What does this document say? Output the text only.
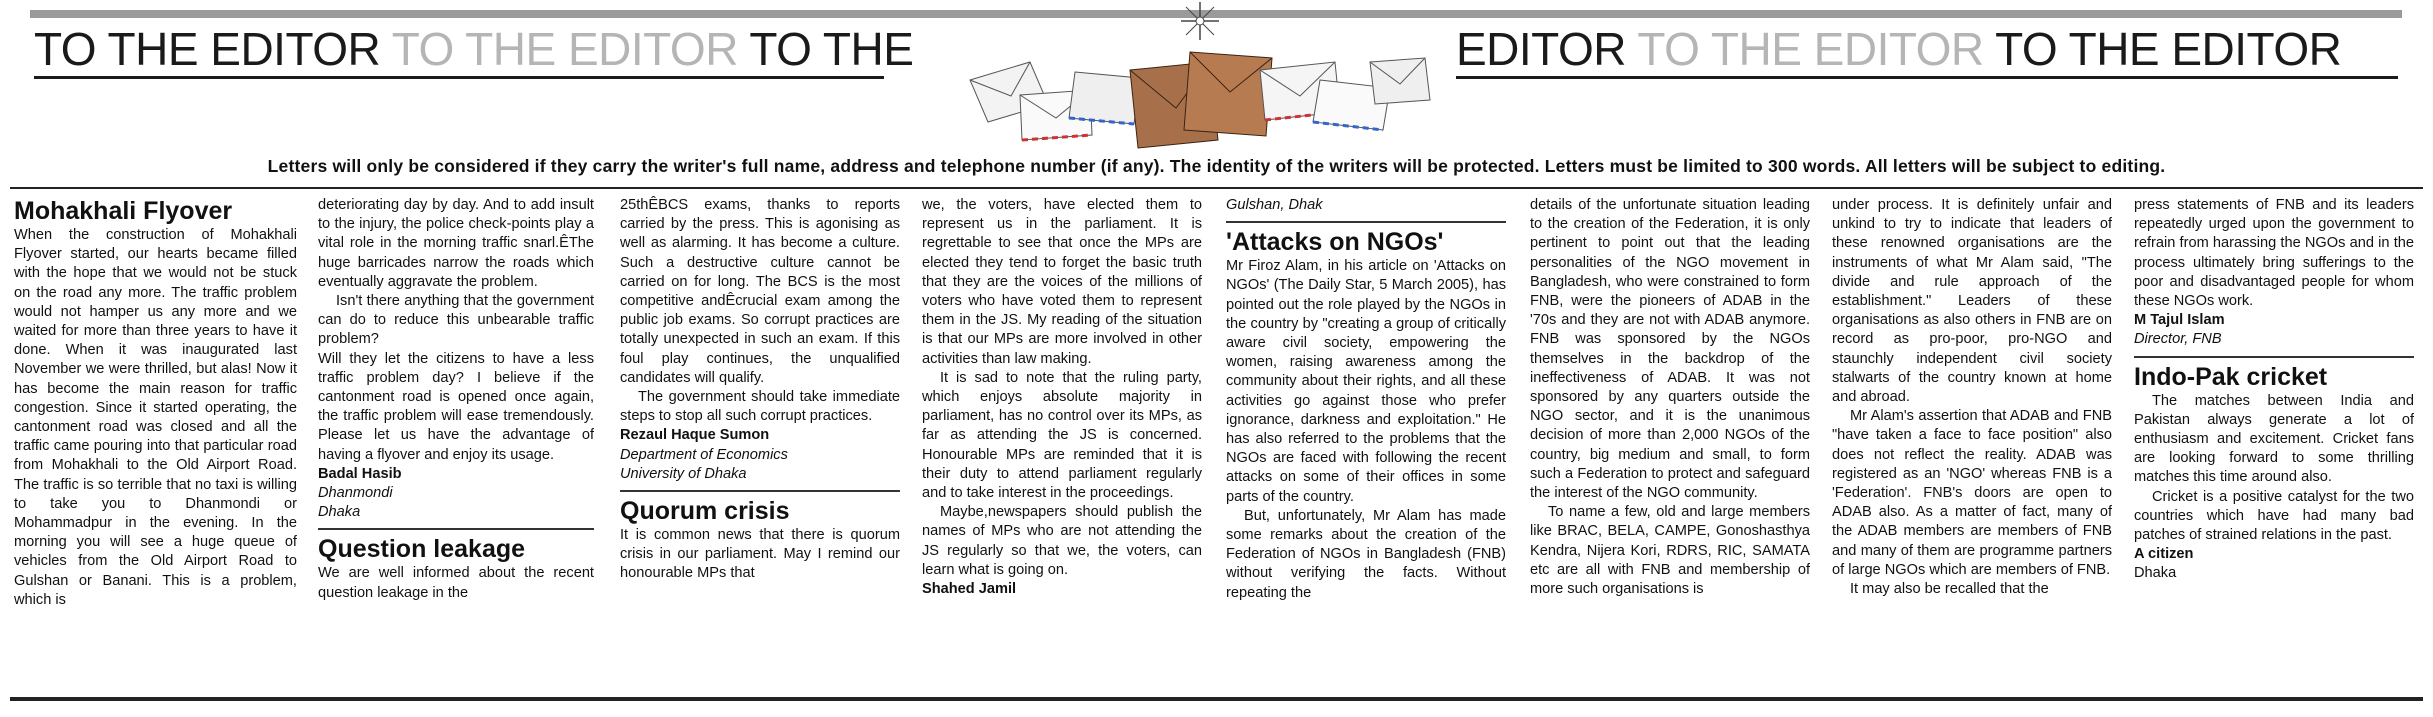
TO THE EDITOR TO THE EDITOR TO THE	EDITOR TO THE EDITOR TO THE EDITOR
Letters will only be considered if they carry the writer's full name, address and telephone number (if any). The identity of the writers will be protected. Letters must be limited to 300 words. All letters will be subject to editing.
Mohakhali Flyover

When the construction of Mohakhali Flyover started, our hearts became filled with the hope that we would not be stuck on the road any more. The traffic problem would not hamper us any more and we waited for more than three years to have it done. When it was inaugurated last November we were thrilled, but alas! Now it has become the main reason for traffic congestion. Since it started operating, the cantonment road was closed and all the traffic came pouring into that particular road from Mohakhali to the Old Airport Road. The traffic is so terrible that no taxi is willing to take you to Dhanmondi or Mohammadpur in the evening. In the morning you will see a huge queue of vehicles from the Old Airport Road to Gulshan or Banani. This is a problem, which is

deteriorating day by day. And to add insult to the injury, the police check-points play a vital role in the morning traffic snarl.ÊThe huge barricades narrow the roads which eventually aggravate the problem.

Isn't there anything that the government can do to reduce this unbearable traffic problem?

Will they let the citizens to have a less traffic problem day? I believe if the cantonment road is opened once again, the traffic problem will ease tremendously. Please let us have the advantage of having a flyover and enjoy its usage.

Badal Hasib

Dhanmondi

Dhaka

Question leakage

We are well informed about the recent question leakage in the

25thÊBCS exams, thanks to reports carried by the press. This is agonising as well as alarming. It has become a culture. Such a destructive culture cannot be carried on for long. The BCS is the most competitive andÊcrucial exam among the public job exams. So corrupt practices are totally unexpected in such an exam. If this foul play continues, the unqualified candidates will qualify.

The government should take immediate steps to stop all such corrupt practices.

Rezaul Haque Sumon

Department of Economics

University of Dhaka

Quorum crisis

It is common news that there is quorum crisis in our parliament. May I remind our honourable MPs that

we, the voters, have elected them to represent us in the parliament. It is regrettable to see that once the MPs are elected they tend to forget the basic truth that they are the voices of the millions of voters who have voted them to represent them in the JS. My reading of the situation is that our MPs are more involved in other activities than law making.

It is sad to note that the ruling party, which enjoys absolute majority in parliament, has no control over its MPs, as far as attending the JS is concerned. Honourable MPs are reminded that it is their duty to attend parliament regularly and to take interest in the proceedings.

Maybe,newspapers should publish the names of MPs who are not attending the JS regularly so that we, the voters, can learn what is going on.

Shahed Jamil

Gulshan, Dhak

'Attacks on NGOs'

Mr Firoz Alam, in his article on 'Attacks on NGOs' (The Daily Star, 5 March 2005), has pointed out the role played by the NGOs in the country by "creating a group of critically aware civil society, empowering the women, raising awareness among the community about their rights, and all these activities go against those who prefer ignorance, darkness and exploitation." He has also referred to the problems that the NGOs are faced with following the recent attacks on some of their offices in some parts of the country.

But, unfortunately, Mr Alam has made some remarks about the creation of the Federation of NGOs in Bangladesh (FNB) without verifying the facts. Without repeating the

details of the unfortunate situation leading to the creation of the Federation, it is only pertinent to point out that the leading personalities of the NGO movement in Bangladesh, who were constrained to form FNB, were the pioneers of ADAB in the '70s and they are not with ADAB anymore. FNB was sponsored by the NGOs themselves in the backdrop of the ineffectiveness of ADAB. It was not sponsored by any quarters outside the NGO sector, and it is the unanimous decision of more than 2,000 NGOs of the country, big medium and small, to form such a Federation to protect and safeguard the interest of the NGO community.

To name a few, old and large members like BRAC, BELA, CAMPE, Gonoshasthya Kendra, Nijera Kori, RDRS, RIC, SAMATA etc are all with FNB and membership of more such organisations is

under process. It is definitely unfair and unkind to try to indicate that leaders of these renowned organisations are the instruments of what Mr Alam said, "The divide and rule approach of the establishment." Leaders of these organisations as also others in FNB are on record as pro-poor, pro-NGO and staunchly independent civil society stalwarts of the country known at home and abroad.

Mr Alam's assertion that ADAB and FNB "have taken a face to face position" also does not reflect the reality. ADAB was registered as an 'NGO' whereas FNB is a 'Federation'. FNB's doors are open to ADAB also. As a matter of fact, many of the ADAB members are members of FNB and many of them are programme partners of large NGOs which are members of FNB.

It may also be recalled that the

press statements of FNB and its leaders repeatedly urged upon the government to refrain from harassing the NGOs and in the process ultimately bring sufferings to the poor and disadvantaged people for whom these NGOs work.

M Tajul Islam

Director, FNB

Indo-Pak cricket

The matches between India and Pakistan always generate a lot of enthusiasm and excitement. Cricket fans are looking forward to some thrilling matches this time around also.

Cricket is a positive catalyst for the two countries which have had many bad patches of strained relations in the past.

A citizen

Dhaka
